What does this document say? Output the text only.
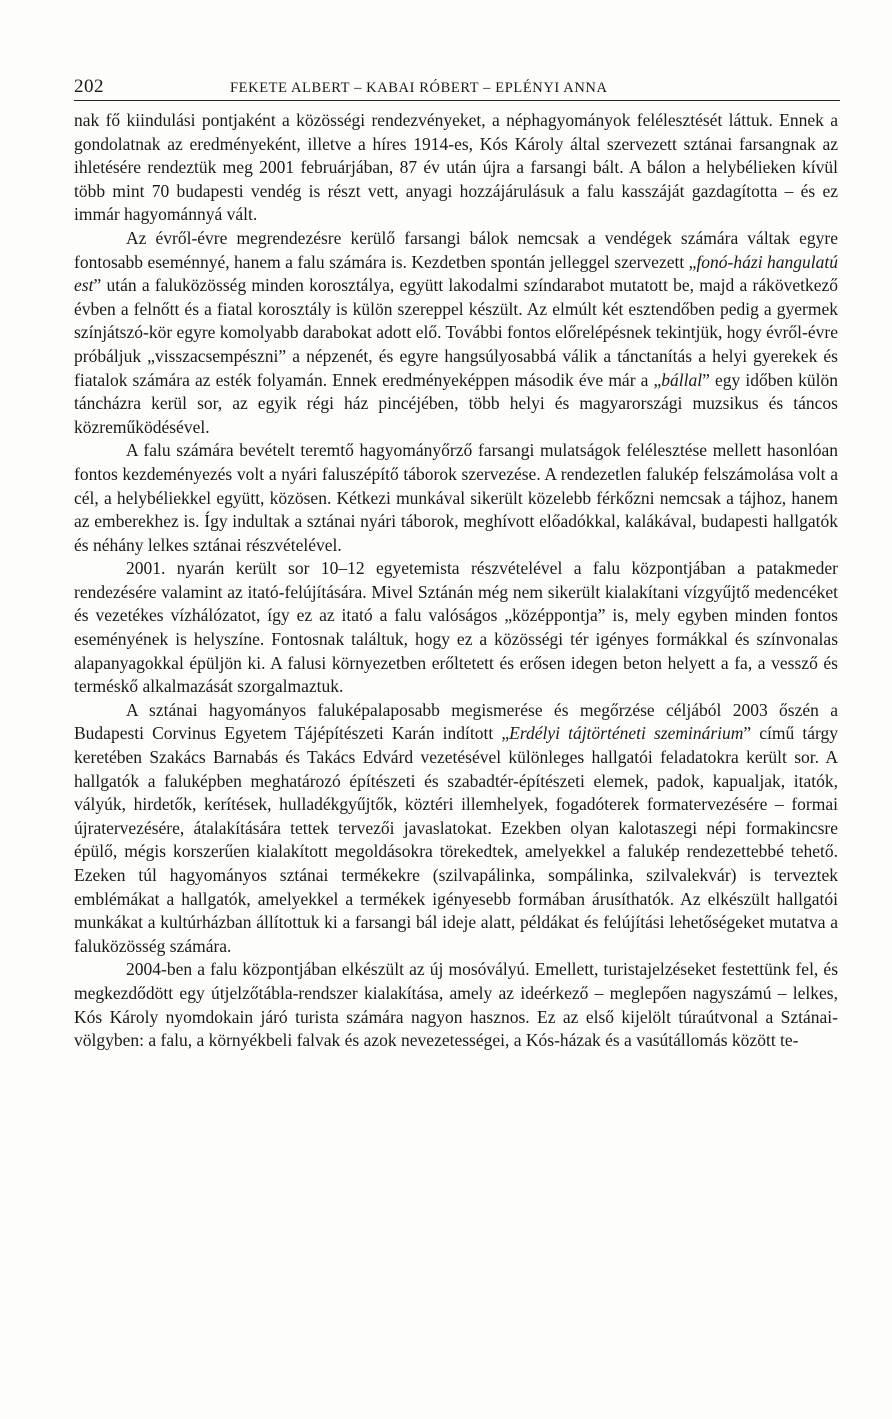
202	FEKETE ALBERT – KABAI RÓBERT – EPLÉNYI ANNA

nak fő kiindulási pontjaként a közösségi rendezvényeket, a néphagyományok felélesztését láttuk. Ennek a gondolatnak az eredményeként, illetve a híres 1914-es, Kós Károly által szervezett sztánai farsangnak az ihletésére rendeztük meg 2001 februárjában, 87 év után újra a farsangi bált. A bálon a helybélieken kívül több mint 70 budapesti vendég is részt vett, anyagi hozzájárulásuk a falu kasszáját gazdagította – és ez immár hagyománnyá vált.

Az évről-évre megrendezésre kerülő farsangi bálok nemcsak a vendégek számára váltak egyre fontosabb eseménnyé, hanem a falu számára is. Kezdetben spontán jelleggel szervezett „fonó-házi hangulatú est” után a faluközösség minden korosztálya, együtt lakodalmi színdarabot mutatott be, majd a rákövetkező évben a felnőtt és a fiatal korosztály is külön szereppel készült. Az elmúlt két esztendőben pedig a gyermek színjátszó-kör egyre komolyabb darabokat adott elő. További fontos előrelépésnek tekintjük, hogy évről-évre próbáljuk „visszacsempészni” a népzenét, és egyre hangsúlyosabbá válik a tánctanítás a helyi gyerekek és fiatalok számára az esték folyamán. Ennek eredményeképpen második éve már a „bállal” egy időben külön táncházra kerül sor, az egyik régi ház pincéjében, több helyi és magyarországi muzsikus és táncos közreműködésével.

A falu számára bevételt teremtő hagyományőrző farsangi mulatságok felélesztése mellett hasonlóan fontos kezdeményezés volt a nyári faluszépítő táborok szervezése. A rendezetlen falukép felszámolása volt a cél, a helybéliekkel együtt, közösen. Kétkezi munkával sikerült közelebb férkőzni nemcsak a tájhoz, hanem az emberekhez is. Így indultak a sztánai nyári táborok, meghívott előadókkal, kalákával, budapesti hallgatók és néhány lelkes sztánai részvételével.

2001. nyarán került sor 10–12 egyetemista részvételével a falu központjában a patakmeder rendezésére valamint az itató-felújítására. Mivel Sztánán még nem sikerült kialakítani vízgyűjtő medencéket és vezetékes vízhálózatot, így ez az itató a falu valóságos „középpontja” is, mely egyben minden fontos eseményének is helyszíne. Fontosnak találtuk, hogy ez a közösségi tér igényes formákkal és színvonalas alapanyagokkal épüljön ki. A falusi környezetben erőltetett és erősen idegen beton helyett a fa, a vessző és terméskő alkalmazását szorgalmaztuk.

A sztánai hagyományos faluképalaposabb megismerése és megőrzése céljából 2003 őszén a Budapesti Corvinus Egyetem Tájépítészeti Karán indított „Erdélyi tájtörténeti szeminárium” című tárgy keretében Szakács Barnabás és Takács Edvárd vezetésével különleges hallgatói feladatokra került sor. A hallgatók a faluképben meghatározó építészeti és szabadtér-építészeti elemek, padok, kapualjak, itatók, vályúk, hirdetők, kerítések, hulladékgyűjtők, köztéri illemhelyek, fogadóterek formatervezésére – formai újratervezésére, átalakítására tettek tervezői javaslatokat. Ezekben olyan kalotaszegi népi formakincsre épülő, mégis korszerűen kialakított megoldásokra törekedtek, amelyekkel a falukép rendezettebbé tehető. Ezeken túl hagyományos sztánai termékekre (szilvapálinka, sompálinka, szilvalekvár) is terveztek emblémákat a hallgatók, amelyekkel a termékek igényesebb formában árusíthatók. Az elkészült hallgatói munkákat a kultúrházban állítottuk ki a farsangi bál ideje alatt, példákat és felújítási lehetőségeket mutatva a faluközösség számára.

2004-ben a falu központjában elkészült az új mosóvályú. Emellett, turistajelzéseket festettünk fel, és megkezdődött egy útjelzőtábla-rendszer kialakítása, amely az ideérkező – meglepően nagyszámú – lelkes, Kós Károly nyomdokain járó turista számára nagyon hasznos. Ez az első kijelölt túraútvonal a Sztánai-völgyben: a falu, a környékbeli falvak és azok nevezetességei, a Kós-házak és a vasútállomás között te-
